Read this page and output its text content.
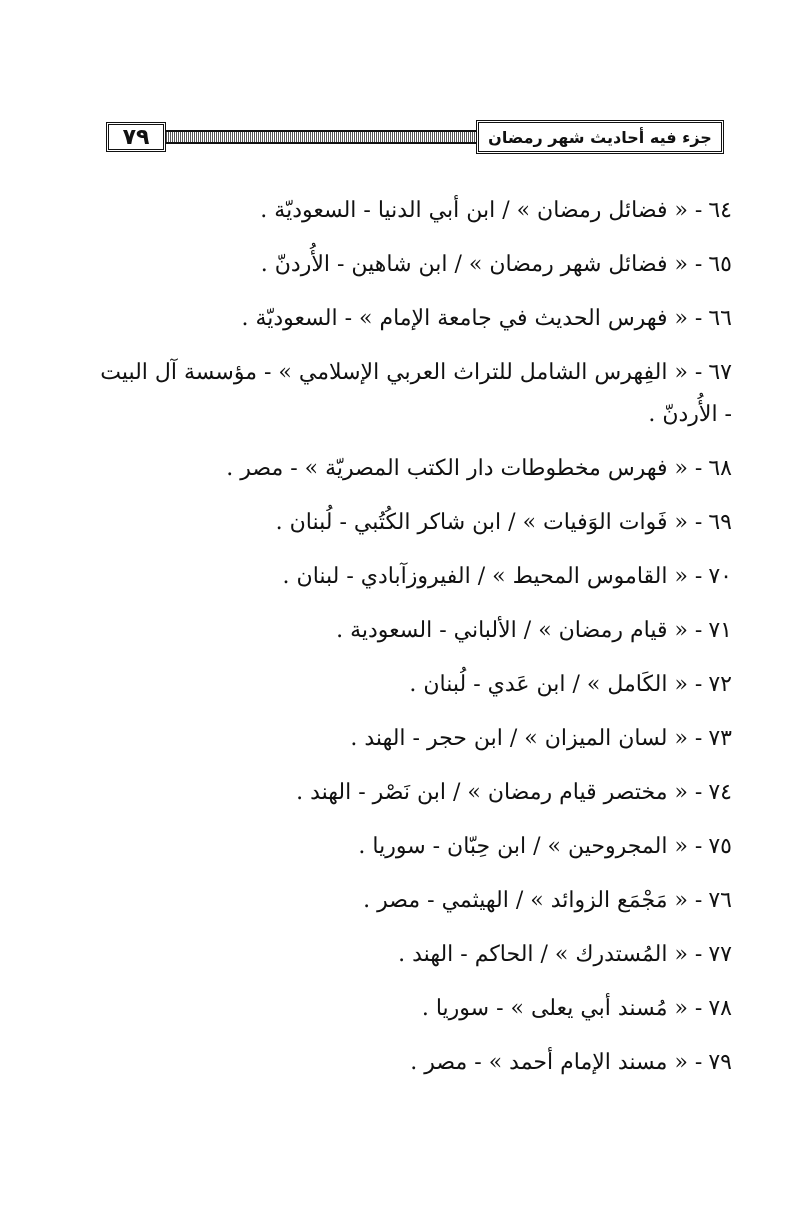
٧٩	جزء فيه أحاديث شهر رمضان
٦٤- « فضائل رمضان » / ابن أبي الدنيا - السعوديّة .
٦٥- « فضائل شهر رمضان » / ابن شاهين - الأُردنّ .
٦٦- « فهرس الحديث في جامعة الإمام » - السعوديّة .
٦٧- « الفِهرس الشامل للتراث العربي الإسلامي » - مؤسسة آل البيت - الأُردنّ .
٦٨- « فهرس مخطوطات دار الكتب المصريّة » - مصر .
٦٩- « فَوات الوَفيات » / ابن شاكر الكُتُبي - لُبنان .
٧٠- « القاموس المحيط » / الفيروزآبادي - لبنان .
٧١- « قيام رمضان » / الألباني - السعودية .
٧٢- « الكَامل » / ابن عَدي - لُبنان .
٧٣- « لسان الميزان » / ابن حجر - الهند .
٧٤- « مختصر قيام رمضان » / ابن نَصْر - الهند .
٧٥- « المجروحين » / ابن حِبّان - سوريا .
٧٦- « مَجْمَع الزوائد » / الهيثمي - مصر .
٧٧- « المُستدرك » / الحاكم - الهند .
٧٨- « مُسند أبي يعلى » - سوريا .
٧٩- « مسند الإمام أحمد » - مصر .
